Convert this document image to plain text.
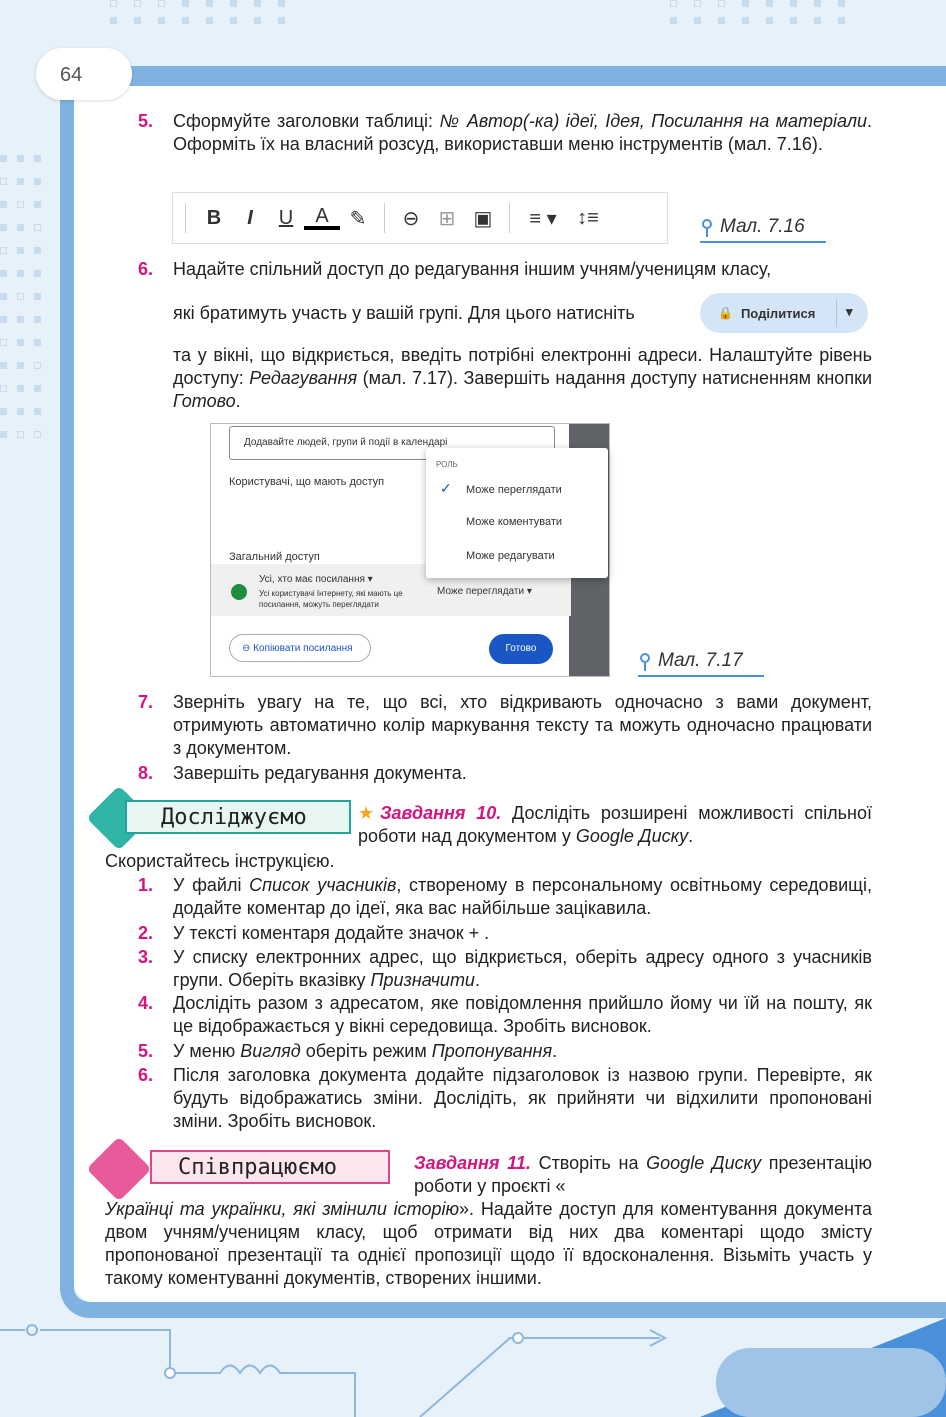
64
5. Сформуйте заголовки таблиці: № Автор(-ка) ідеї, Ідея, Посилання на матеріали. Оформіть їх на власний розсуд, використавши меню інструментів (мал. 7.16).
B	I	U	A	✎	⊖ ⊞ ▣	≡ ▾	↕≡	Мал. 7.16
6. Надайте спільний доступ до редагування іншим учням/ученицям класу,
які братимуть участь у вашій групі. Для цього натисніть	🔒 Поділитися ▾
та у вікні, що відкриється, введіть потрібні електронні адреси. Налаштуйте рівень доступу: Редагування (мал. 7.17). Завершіть надання доступу натисненням кнопки Готово.
Додавайте людей, групи й події в календарі
Користувачі, що мають доступ
Загальний доступ
Усі, хто має посилання ▾
Усі користувачі Інтернету, які мають це
посилання, можуть переглядати
Може переглядати ▾
⊖ Копіювати посилання	Готово
РОЛЬ
✓ Може переглядати
Може коментувати
Може редагувати
Мал. 7.17
7. Зверніть увагу на те, що всі, хто відкривають одночасно з вами документ, отримують автоматично колір маркування тексту та можуть одночасно працювати з документом.
8. Завершіть редагування документа.
Досліджуємо	★Завдання 10. Дослідіть розширені можливості спільної роботи над документом у Google Диску.
Скористайтесь інструкцією.
1. У файлі Список учасників, створеному в персональному освітньому середовищі, додайте коментар до ідеї, яка вас найбільше зацікавила.
2. У тексті коментаря додайте значок + .
3. У списку електронних адрес, що відкриється, оберіть адресу одного з учасників групи. Оберіть вказівку Призначити.
4. Дослідіть разом з адресатом, яке повідомлення прийшло йому чи їй на пошту, як це відображається у вікні середовища. Зробіть висновок.
5. У меню Вигляд оберіть режим Пропонування.
6. Після заголовка документа додайте підзаголовок із назвою групи. Перевірте, як будуть відображатись зміни. Дослідіть, як прийняти чи відхилити пропоновані зміни. Зробіть висновок.
Співпрацюємо	Завдання 11. Створіть на Google Диску презентацію роботи у проєкті «
Українці та українки, які змінили історію». Надайте доступ для коментування документа двом учням/ученицям класу, щоб отримати від них два коментарі щодо змісту пропонованої презентації та однієї пропозиції щодо її вдосконалення. Візьміть участь у такому коментуванні документів, створених іншими.
